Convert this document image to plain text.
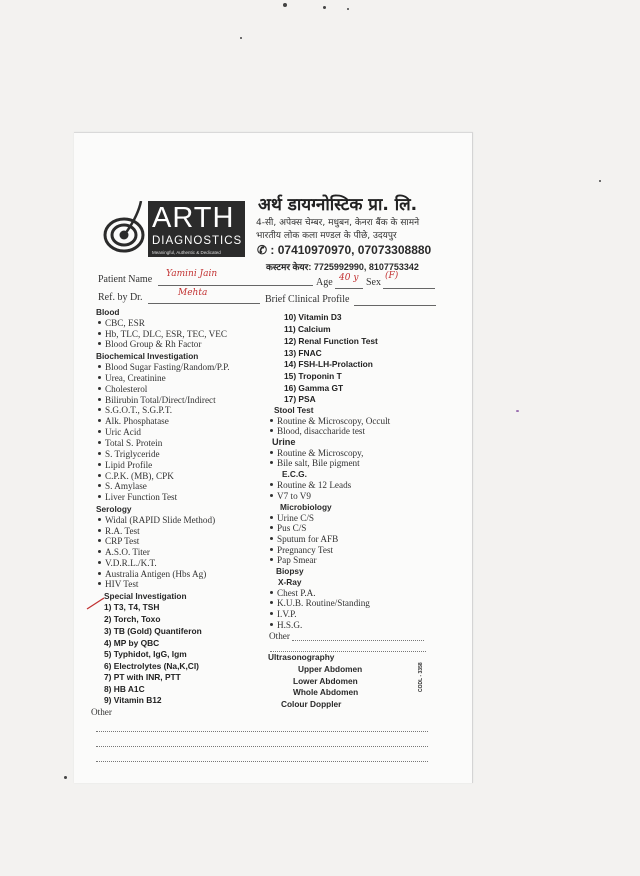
ARTH
DIAGNOSTICS
Meaningful, Authentic & Dedicated
अर्थ डायग्नोस्टिक प्रा. लि.
4-सी, अपेक्स चेम्बर, मधुबन, केनरा बैंक के सामने
भारतीय लोक कला मण्डल के पीछे, उदयपुर
✆ : 07410970970, 07073308880
कस्टमर केयर: 7725992990, 8107753342
Patient Name Yamini Jain
Age 40 y Sex
(F)
Ref. by Dr.	Mehta
Brief Clinical Profile
Blood
CBC, ESR
Hb, TLC, DLC, ESR, TEC, VEC
Blood Group & Rh Factor
Biochemical Investigation
Blood Sugar Fasting/Random/P.P.
Urea, Creatinine
Cholesterol
Bilirubin Total/Direct/Indirect
S.G.O.T., S.G.P.T.
Alk. Phosphatase
Uric Acid
Total S. Protein
S. Triglyceride
Lipid Profile
C.P.K. (MB), CPK
S. Amylase
Liver Function Test
Serology
Widal (RAPID Slide Method)
R.A. Test
CRP Test
A.S.O. Titer
V.D.R.L./K.T.
Australia Antigen (Hbs Ag)
HIV Test
Special Investigation
1) T3, T4, TSH
2) Torch, Toxo
3) TB (Gold) Quantiferon
4) MP by QBC
5) Typhidot, IgG, Igm
6) Electrolytes (Na,K,Cl)
7) PT with INR, PTT
8) HB A1C
9) Vitamin B12
Other
10) Vitamin D3
11) Calcium
12) Renal Function Test
13) FNAC
14) FSH-LH-Prolaction
15) Troponin T
16) Gamma GT
17) PSA
Stool Test
Routine & Microscopy, Occult
Blood, disaccharide test
Urine
Routine & Microscopy,
Bile salt, Bile pigment
E.C.G.
Routine & 12 Leads
V7 to V9
Microbiology
Urine C/S
Pus C/S
Sputum for AFB
Pregnancy Test
Pap Smear
Biopsy
X-Ray
Chest P.A.
K.U.B. Routine/Standing
I.V.P.
H.S.G.
Other
Ultrasonography
Upper Abdomen
Lower Abdomen
Whole Abdomen
Colour Doppler
CODL - 3358
